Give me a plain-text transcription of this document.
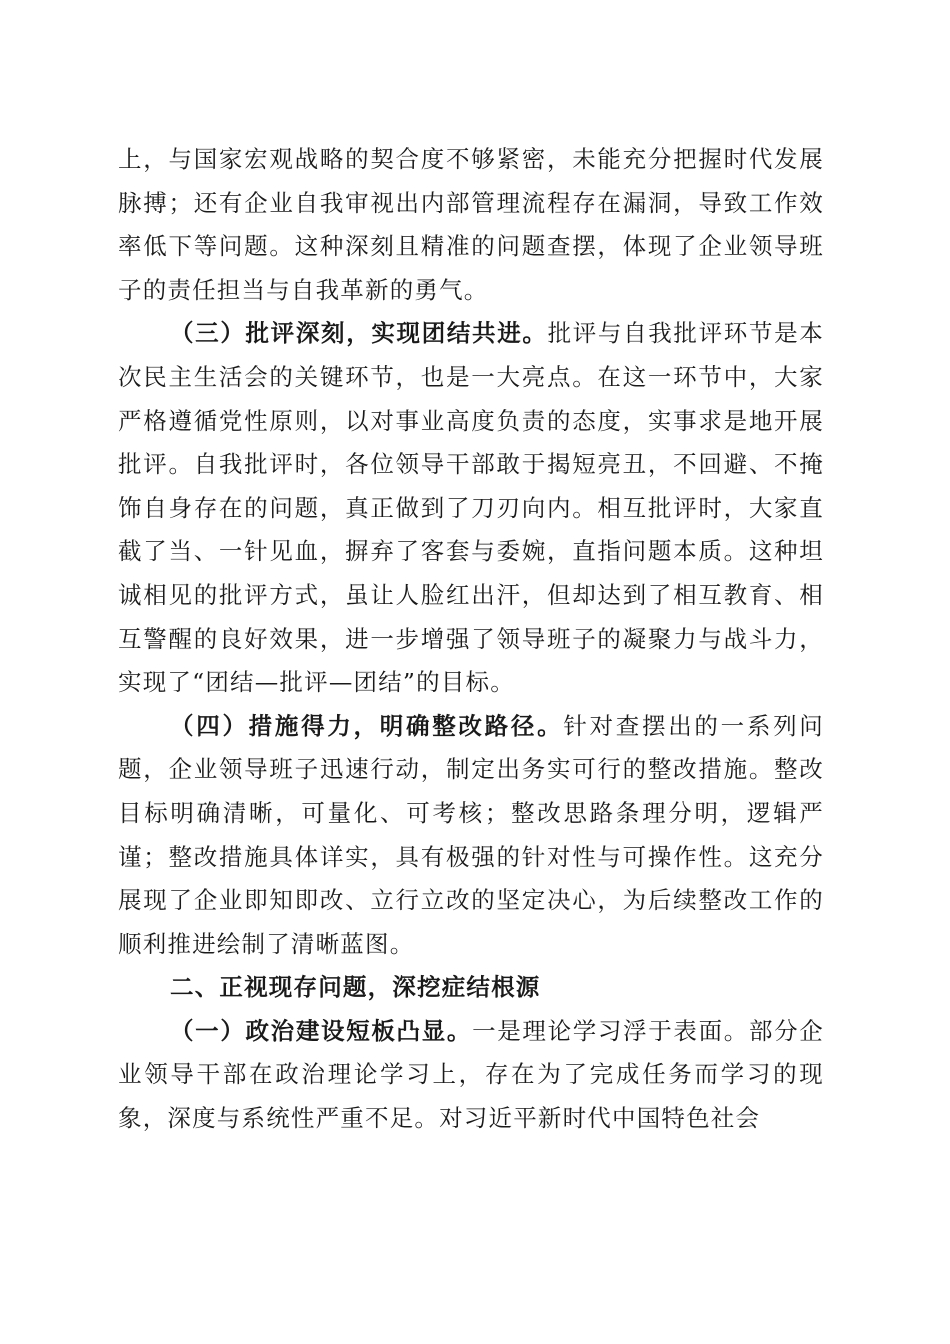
上，与国家宏观战略的契合度不够紧密，未能充分把握时代发展脉搏；还有企业自我审视出内部管理流程存在漏洞，导致工作效率低下等问题。这种深刻且精准的问题查摆，体现了企业领导班子的责任担当与自我革新的勇气。

（三）批评深刻，实现团结共进。批评与自我批评环节是本次民主生活会的关键环节，也是一大亮点。在这一环节中，大家严格遵循党性原则，以对事业高度负责的态度，实事求是地开展批评。自我批评时，各位领导干部敢于揭短亮丑，不回避、不掩饰自身存在的问题，真正做到了刀刃向内。相互批评时，大家直截了当、一针见血，摒弃了客套与委婉，直指问题本质。这种坦诚相见的批评方式，虽让人脸红出汗，但却达到了相互教育、相互警醒的良好效果，进一步增强了领导班子的凝聚力与战斗力，实现了“团结—批评—团结”的目标。

（四）措施得力，明确整改路径。针对查摆出的一系列问题，企业领导班子迅速行动，制定出务实可行的整改措施。整改目标明确清晰，可量化、可考核；整改思路条理分明，逻辑严谨；整改措施具体详实，具有极强的针对性与可操作性。这充分展现了企业即知即改、立行立改的坚定决心，为后续整改工作的顺利推进绘制了清晰蓝图。

二、正视现存问题，深挖症结根源

（一）政治建设短板凸显。一是理论学习浮于表面。部分企业领导干部在政治理论学习上，存在为了完成任务而学习的现象，深度与系统性严重不足。对习近平新时代中国特色社会
